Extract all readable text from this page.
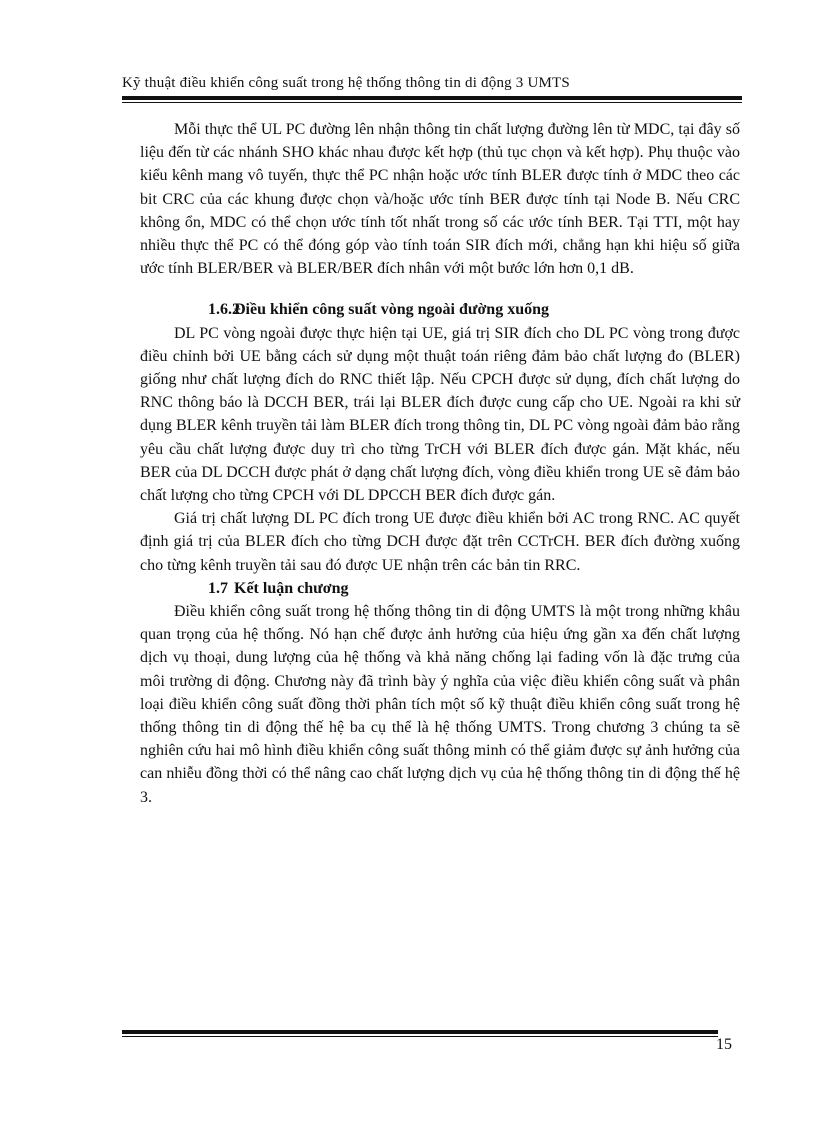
Kỹ thuật điều khiển công suất trong hệ thống thông tin di động 3 UMTS

Mỗi thực thể UL PC đường lên nhận thông tin chất lượng đường lên từ MDC, tại đây số liệu đến từ các nhánh SHO khác nhau được kết hợp (thủ tục chọn và kết hợp). Phụ thuộc vào kiểu kênh mang vô tuyến, thực thể PC nhận hoặc ước tính BLER được tính ở MDC theo các bit CRC của các khung được chọn và/hoặc ước tính BER được tính tại Node B. Nếu CRC không ổn, MDC có thể chọn ước tính tốt nhất trong số các ước tính BER. Tại TTI, một hay nhiều thực thể PC có thể đóng góp vào tính toán SIR đích mới, chẳng hạn khi hiệu số giữa ước tính BLER/BER và BLER/BER đích nhân với một bước lớn hơn 0,1 dB.

1.6.2Điều khiển công suất vòng ngoài đường xuống

DL PC vòng ngoài được thực hiện tại UE, giá trị SIR đích cho DL PC vòng trong được điều chỉnh bởi UE bằng cách sử dụng một thuật toán riêng đảm bảo chất lượng đo (BLER) giống như chất lượng đích do RNC thiết lập. Nếu CPCH được sử dụng, đích chất lượng do RNC thông báo là DCCH BER, trái lại BLER đích được cung cấp cho UE. Ngoài ra khi sử dụng BLER kênh truyền tải làm BLER đích trong thông tin, DL PC vòng ngoài đảm bảo rằng yêu cầu chất lượng được duy trì cho từng TrCH với BLER đích được gán. Mặt khác, nếu BER của DL DCCH được phát ở dạng chất lượng đích, vòng điều khiển trong UE sẽ đảm bảo chất lượng cho từng CPCH với DL DPCCH BER đích được gán.

Giá trị chất lượng DL PC đích trong UE được điều khiển bởi AC trong RNC. AC quyết định giá trị của BLER đích cho từng DCH được đặt trên CCTrCH. BER đích đường xuống cho từng kênh truyền tải sau đó được UE nhận trên các bản tin RRC.

1.7 Kết luận chương

Điều khiển công suất trong hệ thống thông tin di động UMTS là một trong những khâu quan trọng của hệ thống. Nó hạn chế được ảnh hưởng của hiệu ứng gần xa đến chất lượng dịch vụ thoại, dung lượng của hệ thống và khả năng chống lại fading vốn là đặc trưng của môi trường di động. Chương này đã trình bày ý nghĩa của việc điều khiển công suất và phân loại điều khiển công suất đồng thời phân tích một số kỹ thuật điều khiển công suất trong hệ thống thông tin di động thế hệ ba cụ thể là hệ thống UMTS. Trong chương 3 chúng ta sẽ nghiên cứu hai mô hình điều khiển công suất thông minh có thể giảm được sự ảnh hưởng của can nhiễu đồng thời có thể nâng cao chất lượng dịch vụ của hệ thống thông tin di động thế hệ 3.

15
